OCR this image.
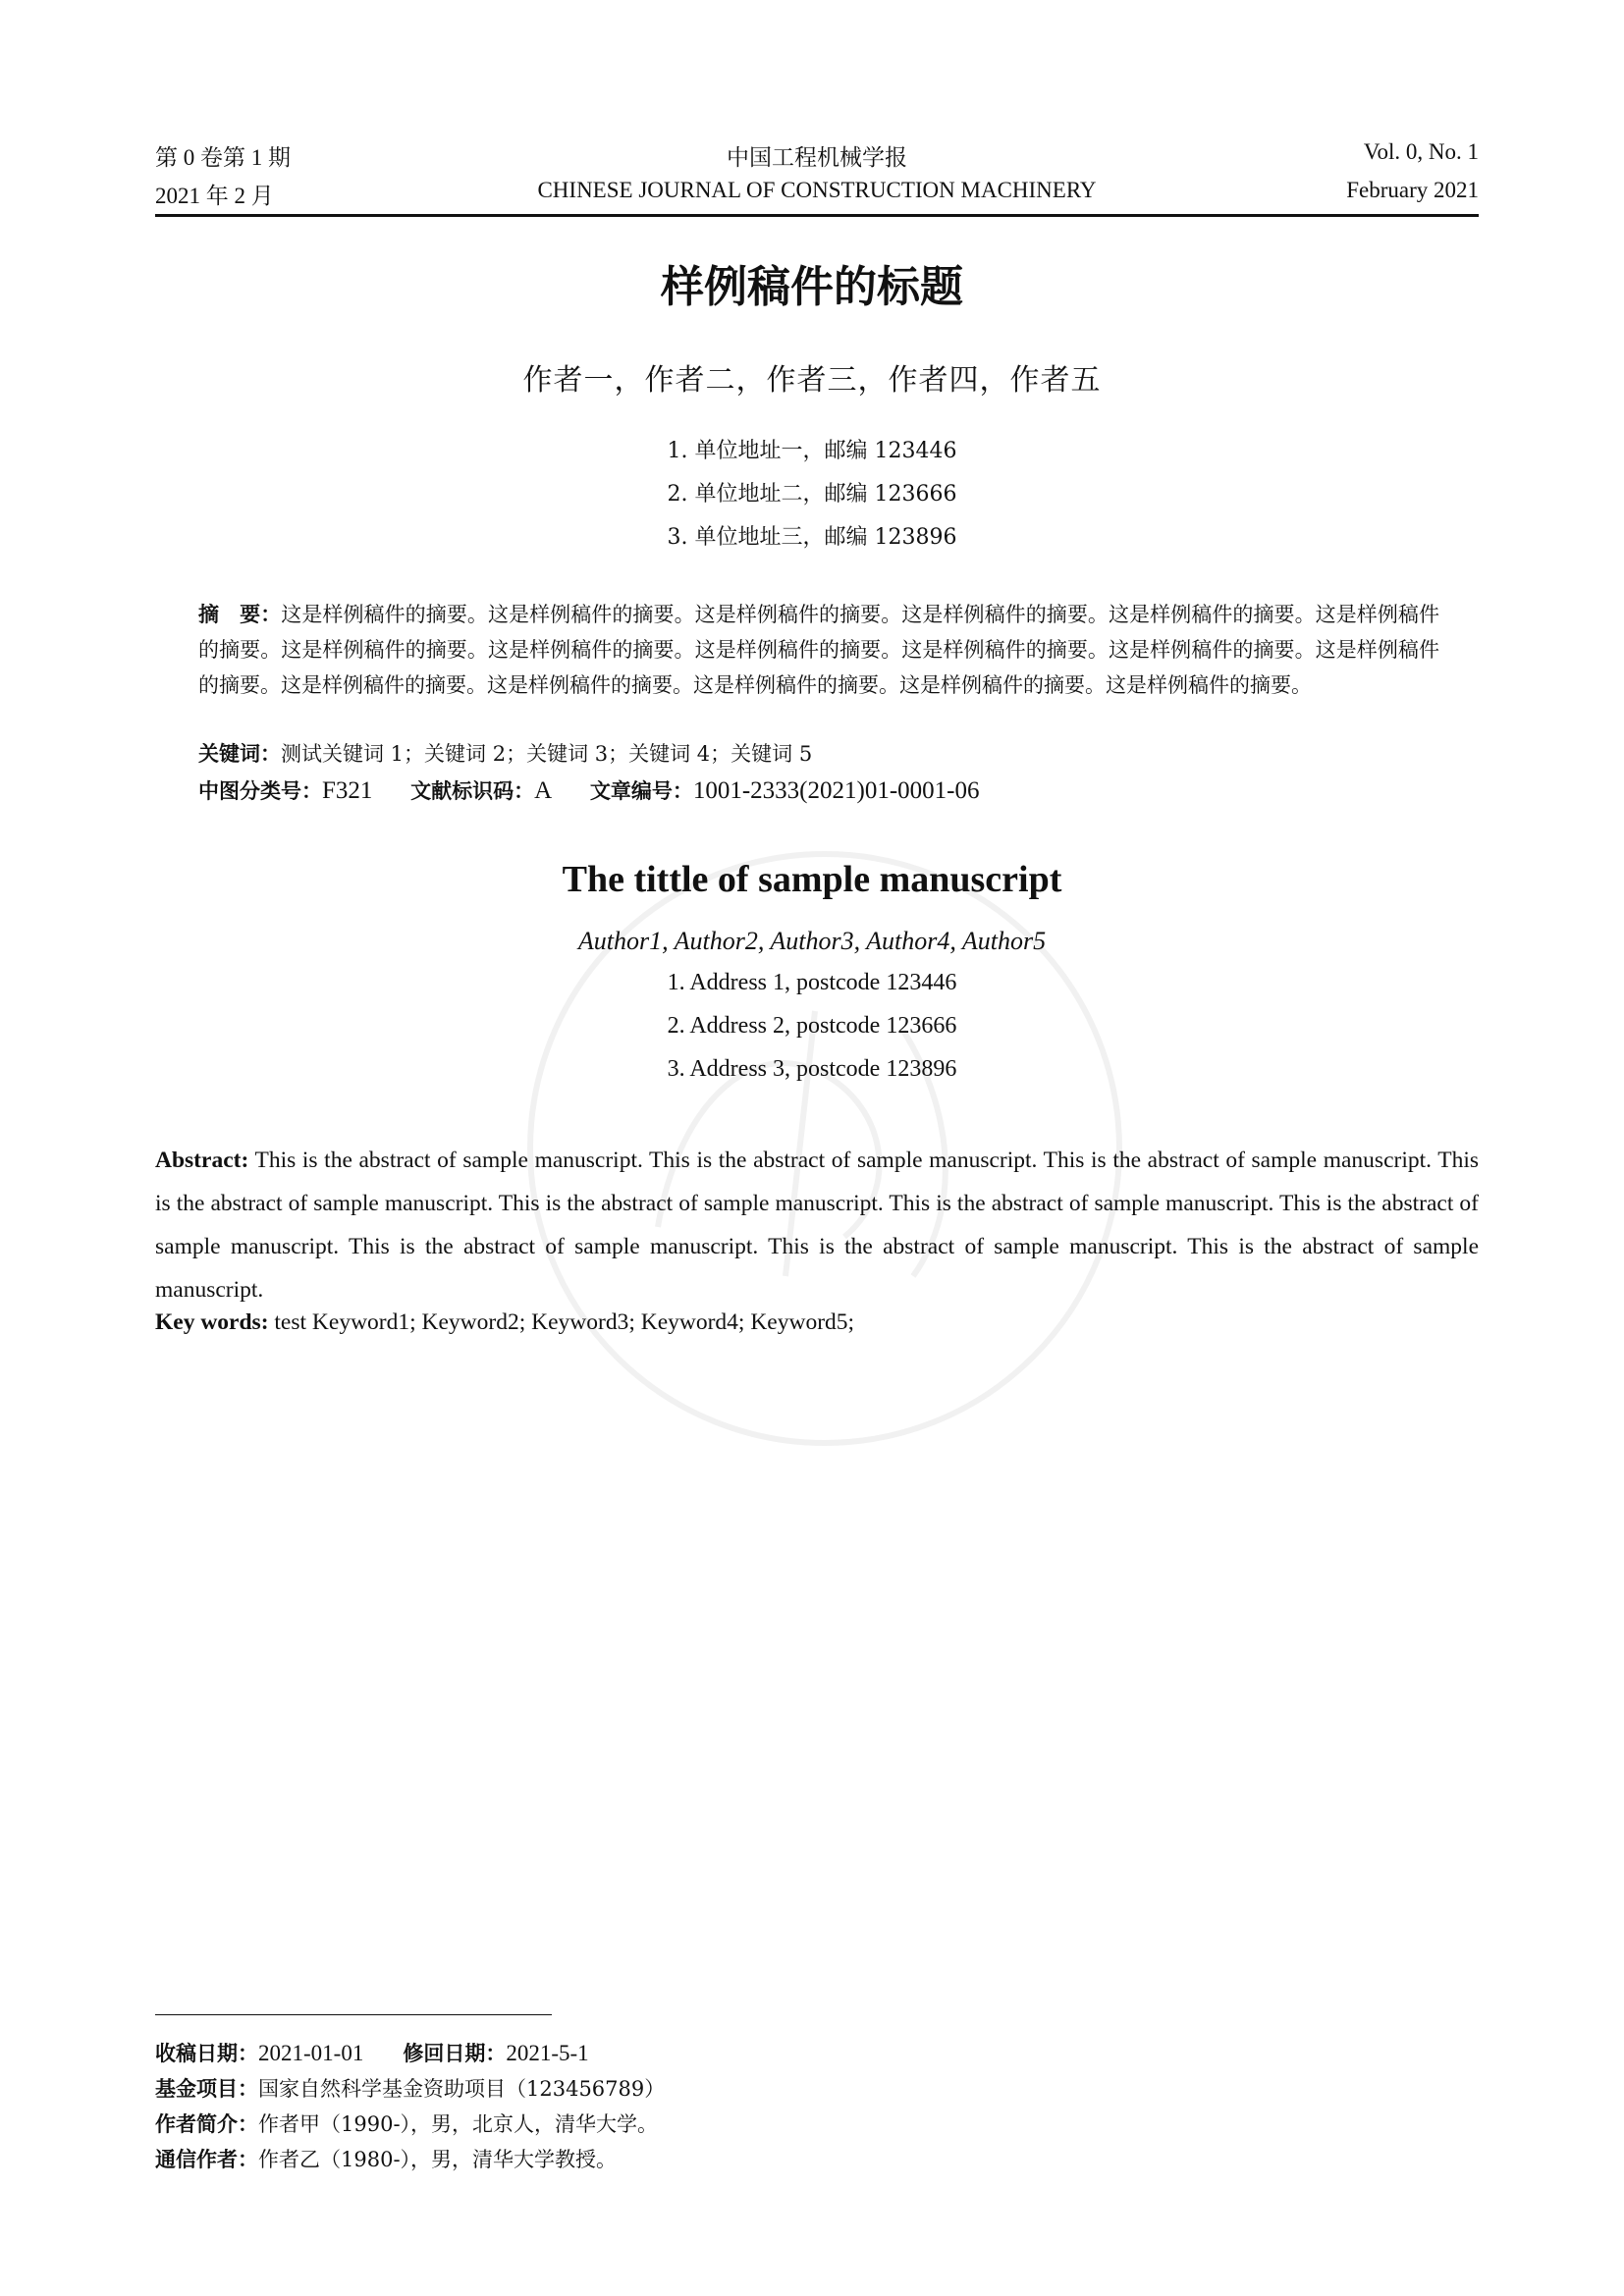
第 0 卷第 1 期	中国工程机械学报	Vol. 0, No. 1
2021 年 2 月	CHINESE JOURNAL OF CONSTRUCTION MACHINERY	February 2021
样例稿件的标题
作者一，作者二，作者三，作者四，作者五
1. 单位地址一，邮编 123446
2. 单位地址二，邮编 123666
3. 单位地址三，邮编 123896
摘　要：这是样例稿件的摘要。这是样例稿件的摘要。这是样例稿件的摘要。这是样例稿件的摘要。这是样例稿件的摘要。这是样例稿件的摘要。这是样例稿件的摘要。这是样例稿件的摘要。这是样例稿件的摘要。这是样例稿件的摘要。这是样例稿件的摘要。这是样例稿件的摘要。这是样例稿件的摘要。这是样例稿件的摘要。这是样例稿件的摘要。这是样例稿件的摘要。这是样例稿件的摘要。
关键词：测试关键词 1；关键词 2；关键词 3；关键词 4；关键词 5
中图分类号：F321 文献标识码：A 文章编号：1001-2333(2021)01-0001-06
The tittle of sample manuscript
Author1, Author2, Author3, Author4, Author5
1. Address 1, postcode 123446
2. Address 2, postcode 123666
3. Address 3, postcode 123896
Abstract: This is the abstract of sample manuscript. This is the abstract of sample manuscript. This is the abstract of sample manuscript. This is the abstract of sample manuscript. This is the abstract of sample manuscript. This is the abstract of sample manuscript. This is the abstract of sample manuscript. This is the abstract of sample manuscript. This is the abstract of sample manuscript. This is the abstract of sample manuscript.
Key words: test Keyword1; Keyword2; Keyword3; Keyword4; Keyword5;
收稿日期：2021-01-01 修回日期：2021-5-1
基金项目：国家自然科学基金资助项目（123456789）
作者简介：作者甲（1990-），男，北京人，清华大学。
通信作者：作者乙（1980-），男，清华大学教授。
